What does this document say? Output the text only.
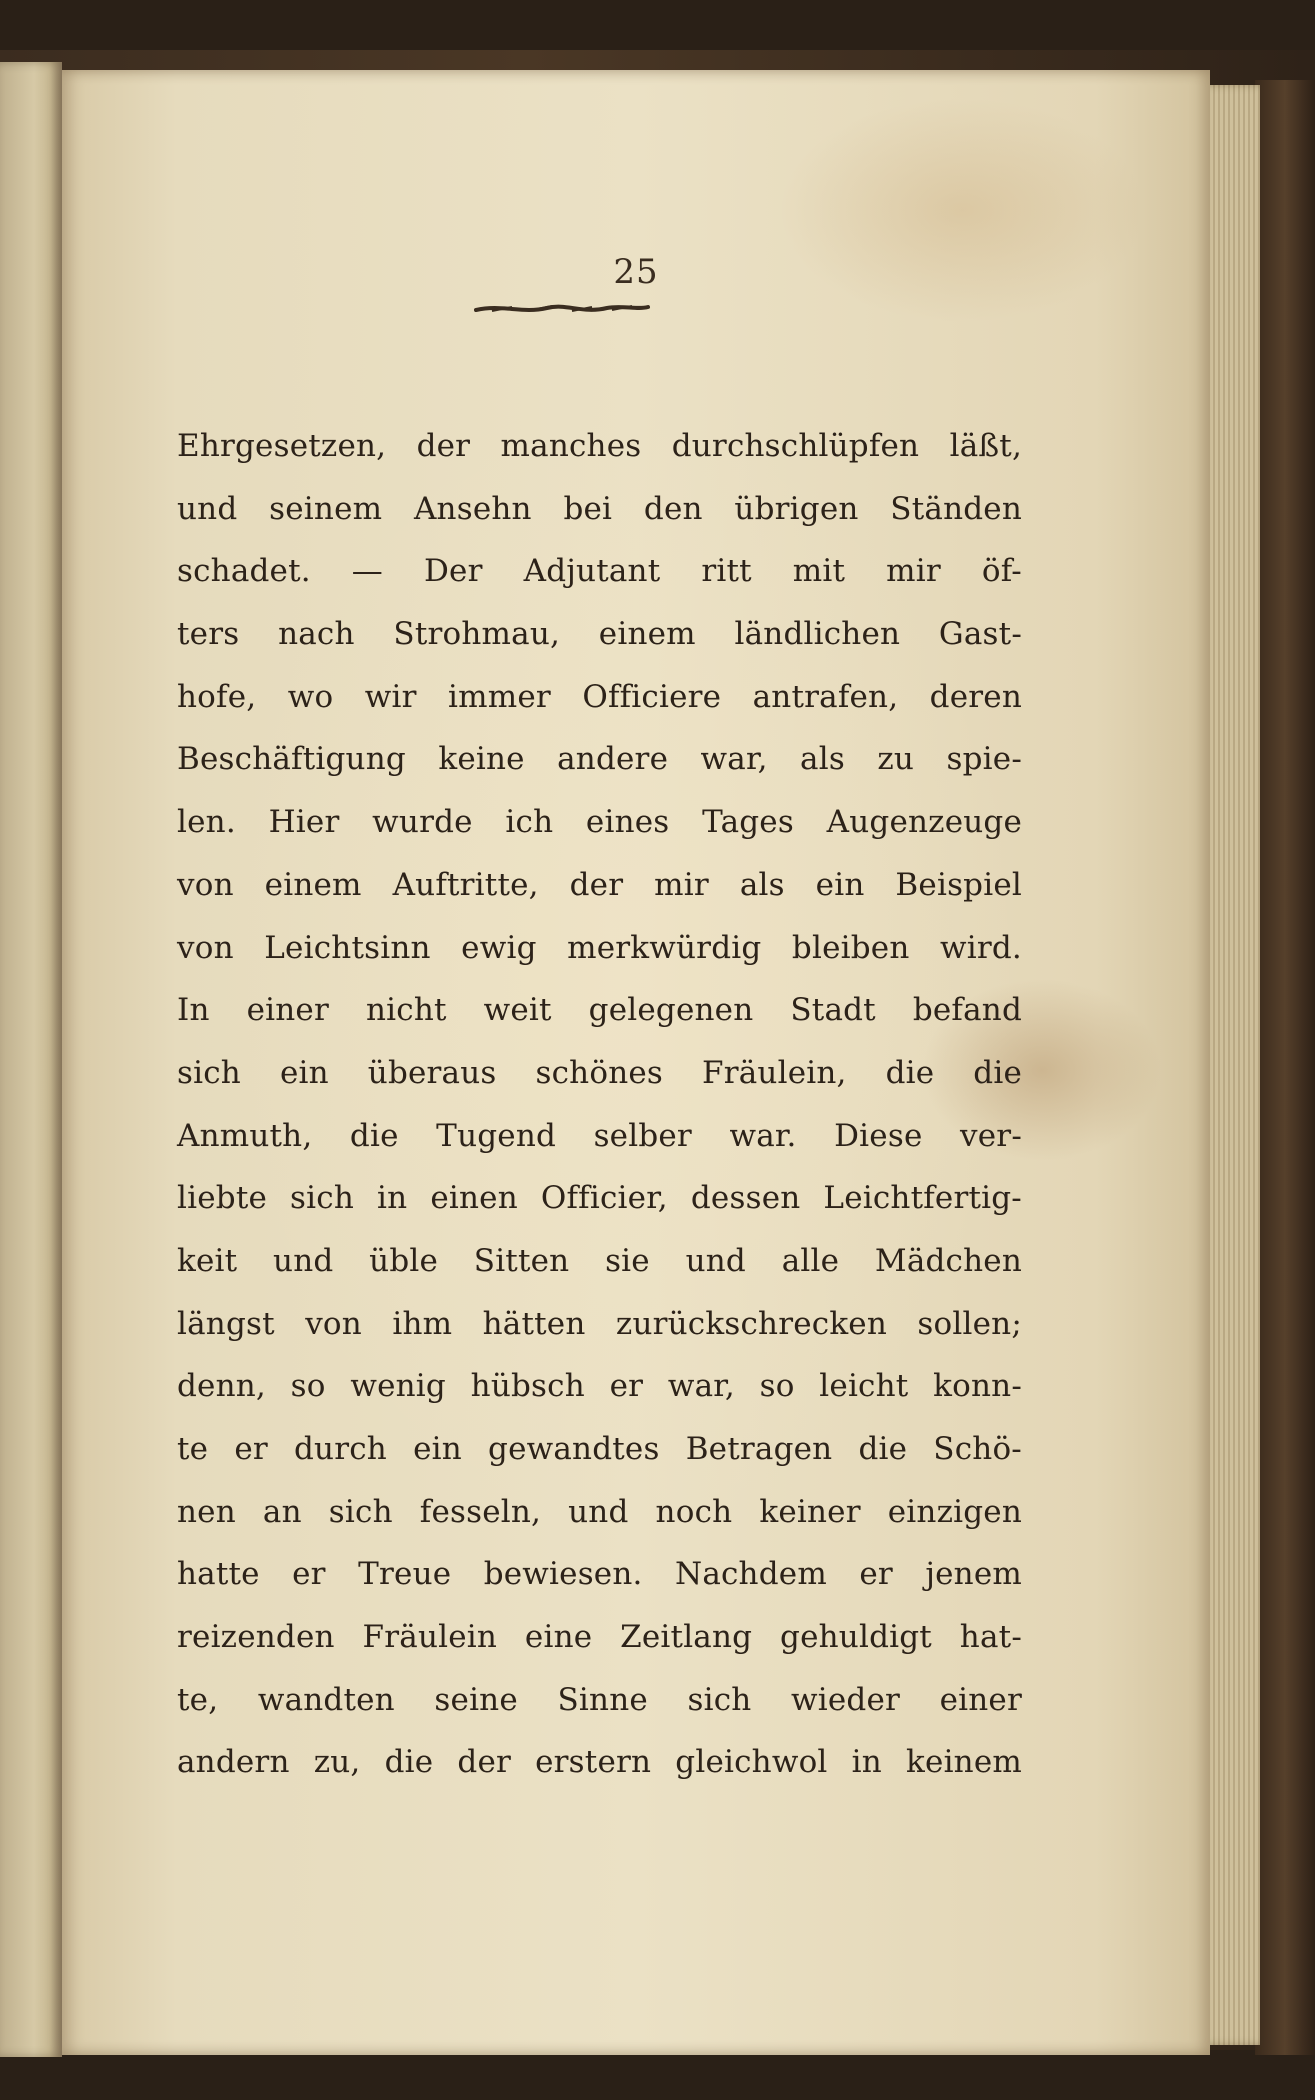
25
Ehrgesetzen, der manches durchschlüpfen läßt,
und seinem Ansehn bei den übrigen Ständen
schadet. — Der Adjutant ritt mit mir öf-
ters nach Strohmau, einem ländlichen Gast-
hofe, wo wir immer Officiere antrafen, deren
Beschäftigung keine andere war, als zu spie-
len. Hier wurde ich eines Tages Augenzeuge
von einem Auftritte, der mir als ein Beispiel
von Leichtsinn ewig merkwürdig bleiben wird.
In einer nicht weit gelegenen Stadt befand
sich ein überaus schönes Fräulein, die die
Anmuth, die Tugend selber war. Diese ver-
liebte sich in einen Officier, dessen Leichtfertig-
keit und üble Sitten sie und alle Mädchen
längst von ihm hätten zurückschrecken sollen;
denn, so wenig hübsch er war, so leicht konn-
te er durch ein gewandtes Betragen die Schö-
nen an sich fesseln, und noch keiner einzigen
hatte er Treue bewiesen. Nachdem er jenem
reizenden Fräulein eine Zeitlang gehuldigt hat-
te, wandten seine Sinne sich wieder einer
andern zu, die der erstern gleichwol in keinem
